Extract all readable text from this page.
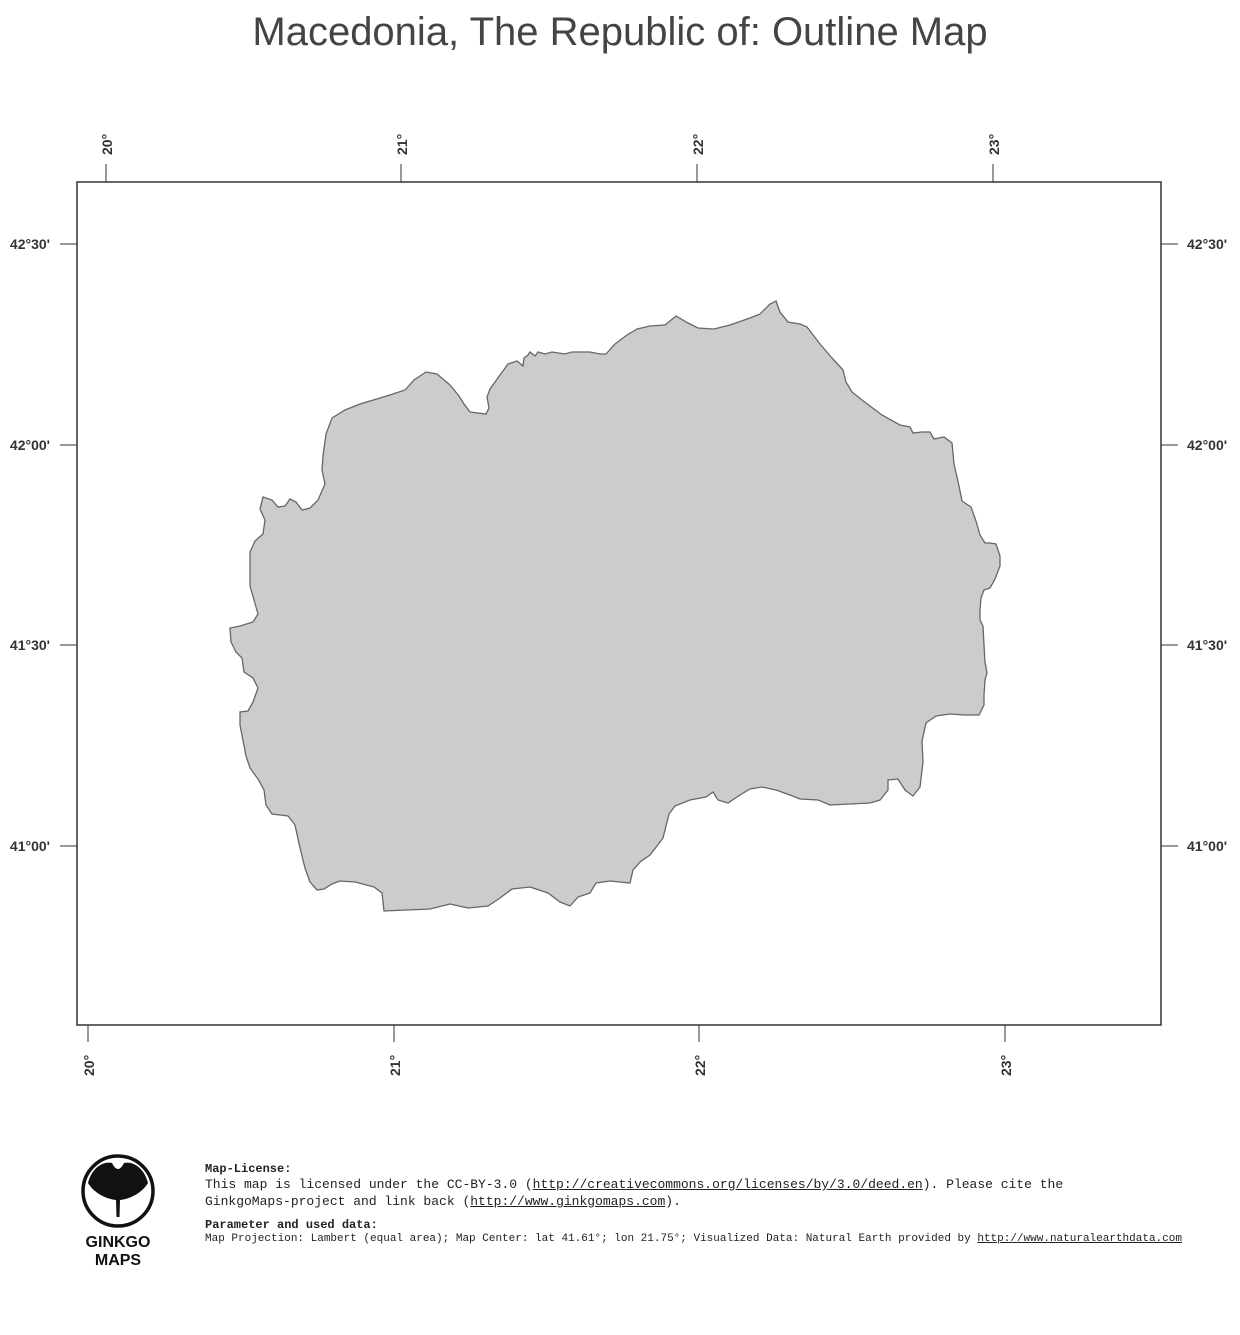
Macedonia, The Republic of: Outline Map
20°	21°	22°	23°
20°	21°	22°	23°
42°30'
42°00'
41°30'
41°00'
42°30'
42°00'
41°30'
41°00'
GINKGO
MAPS
Map-License:
This map is licensed under the CC-BY-3.0 (http://creativecommons.org/licenses/by/3.0/deed.en). Please cite the
GinkgoMaps-project and link back (http://www.ginkgomaps.com).
Parameter and used data:
Map Projection: Lambert (equal area); Map Center: lat 41.61°; lon 21.75°; Visualized Data: Natural Earth provided by http://www.naturalearthdata.com
